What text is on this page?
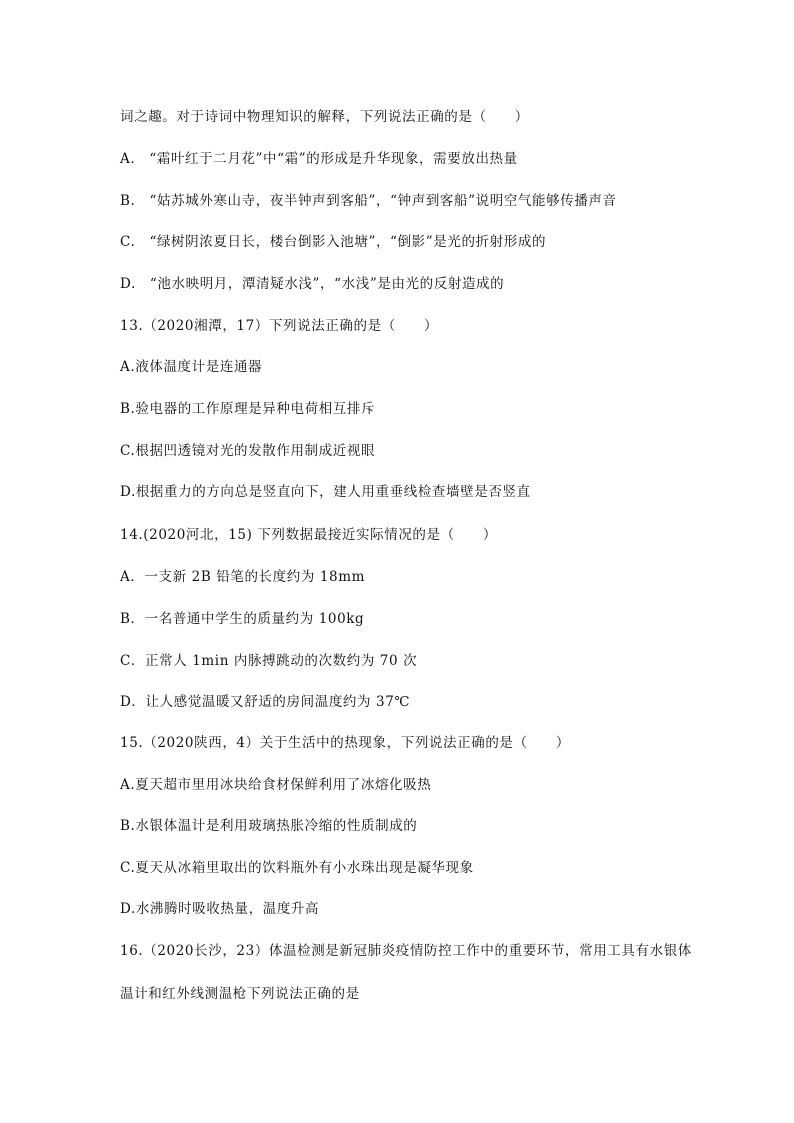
词之趣。对于诗词中物理知识的解释，下列说法正确的是（　　）
A.　“霜叶红于二月花”中“霜”的形成是升华现象，需要放出热量
B.　“姑苏城外寒山寺，夜半钟声到客船”，“钟声到客船”说明空气能够传播声音
C.　“绿树阴浓夏日长，楼台倒影入池塘”，“倒影”是光的折射形成的
D.　“池水映明月，潭清疑水浅”，“水浅”是由光的反射造成的
13.（2020湘潭，17）下列说法正确的是（　　）
A.液体温度计是连通器
B.验电器的工作原理是异种电荷相互排斥
C.根据凹透镜对光的发散作用制成近视眼
D.根据重力的方向总是竖直向下，建人用重垂线检查墙壁是否竖直
14.(2020河北，15) 下列数据最接近实际情况的是（　　）
A．一支新 2B 铅笔的长度约为 18mm
B．一名普通中学生的质量约为 100kg
C．正常人 1min 内脉搏跳动的次数约为 70 次
D．让人感觉温暖又舒适的房间温度约为 37℃
15.（2020陕西，4）关于生活中的热现象，下列说法正确的是（　　）
A.夏天超市里用冰块给食材保鲜利用了冰熔化吸热
B.水银体温计是利用玻璃热胀冷缩的性质制成的
C.夏天从冰箱里取出的饮料瓶外有小水珠出现是凝华现象
D.水沸腾时吸收热量，温度升高
16.（2020长沙，23）体温检测是新冠肺炎疫情防控工作中的重要环节，常用工具有水银体
温计和红外线测温枪下列说法正确的是
